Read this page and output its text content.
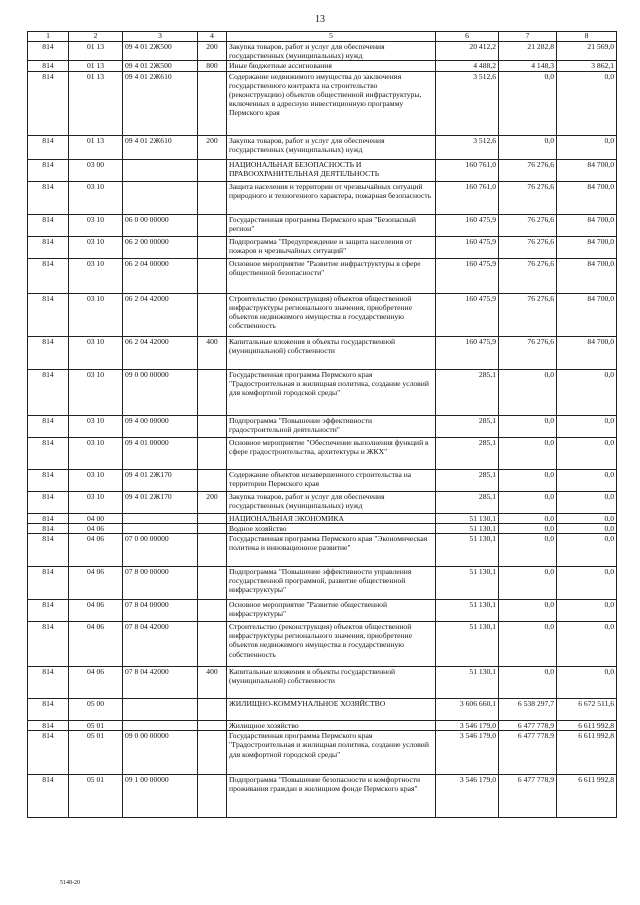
13
1	2	3	4	5	6	7	8
814	01 13	09 4 01 2Ж500	200	Закупка товаров, работ и услуг для обеспечения государственных (муниципальных) нужд	20 412,2	21 282,8	21 569,0
814	01 13	09 4 01 2Ж500	800	Иные бюджетные ассигнования	4 488,2	4 148,3	3 862,1
814	01 13	09 4 01 2Ж610		Содержание недвижимого имущества до заключения государственного контракта на строительство (реконструкцию) объектов общественной инфраструктуры, включенных в адресную инвестиционную программу Пермского края	3 512,6	0,0	0,0
814	01 13	09 4 01 2Ж610	200	Закупка товаров, работ и услуг для обеспечения государственных (муниципальных) нужд	3 512,6	0,0	0,0
814	03 00			НАЦИОНАЛЬНАЯ БЕЗОПАСНОСТЬ И ПРАВООХРАНИТЕЛЬНАЯ ДЕЯТЕЛЬНОСТЬ	160 761,0	76 276,6	84 700,0
814	03 10			Защита населения и территории от чрезвычайных ситуаций природного и техногенного характера, пожарная безопасность	160 761,0	76 276,6	84 700,0
814	03 10	06 0 00 00000		Государственная программа Пермского края "Безопасный регион"	160 475,9	76 276,6	84 700,0
814	03 10	06 2 00 00000		Подпрограмма "Предупреждение и защита населения от пожаров и чрезвычайных ситуаций"	160 475,9	76 276,6	84 700,0
814	03 10	06 2 04 00000		Основное мероприятие "Развитие инфраструктуры в сфере общественной безопасности"	160 475,9	76 276,6	84 700,0
814	03 10	06 2 04 42000		Строительство (реконструкция) объектов общественной инфраструктуры регионального значения, приобретение объектов недвижимого имущества в государственную собственность	160 475,9	76 276,6	84 700,0
814	03 10	06 2 04 42000	400	Капитальные вложения в объекты государственной (муниципальной) собственности	160 475,9	76 276,6	84 700,0
814	03 10	09 0 00 00000		Государственная программа Пермского края "Градостроительная и жилищная политика, создание условий для комфортной городской среды"	285,1	0,0	0,0
814	03 10	09 4 00 00000		Подпрограмма "Повышение эффективности градостроительной деятельности"	285,1	0,0	0,0
814	03 10	09 4 01 00000		Основное мероприятие "Обеспечение выполнения функций в сфере градостроительства, архитектуры и ЖКХ"	285,1	0,0	0,0
814	03 10	09 4 01 2Ж170		Содержание объектов незавершенного строительства на территории Пермского края	285,1	0,0	0,0
814	03 10	09 4 01 2Ж170	200	Закупка товаров, работ и услуг для обеспечения государственных (муниципальных) нужд	285,1	0,0	0,0
814	04 00			НАЦИОНАЛЬНАЯ ЭКОНОМИКА	51 130,1	0,0	0,0
814	04 06			Водное хозяйство	51 130,1	0,0	0,0
814	04 06	07 0 00 00000		Государственная программа Пермского края "Экономическая политика и инновационное развитие"	51 130,1	0,0	0,0
814	04 06	07 8 00 00000		Подпрограмма "Повышение эффективности управления государственной программой, развитие общественной инфраструктуры"	51 130,1	0,0	0,0
814	04 06	07 8 04 00000		Основное мероприятие "Развитие общественной инфраструктуры"	51 130,1	0,0	0,0
814	04 06	07 8 04 42000		Строительство (реконструкция) объектов общественной инфраструктуры регионального значения, приобретение объектов недвижимого имущества в государственную собственность	51 130,1	0,0	0,0
814	04 06	07 8 04 42000	400	Капитальные вложения в объекты государственной (муниципальной) собственности	51 130,1	0,0	0,0
814	05 00			ЖИЛИЩНО-КОММУНАЛЬНОЕ ХОЗЯЙСТВО	3 606 660,1	6 538 297,7	6 672 511,6
814	05 01			Жилищное хозяйство	3 546 179,0	6 477 778,9	6 611 992,8
814	05 01	09 0 00 00000		Государственная программа Пермского края "Градостроительная и жилищная политика, создание условий для комфортной городской среды"	3 546 179,0	6 477 778,9	6 611 992,8
814	05 01	09 1 00 00000		Подпрограмма "Повышение безопасности и комфортности проживания граждан в жилищном фонде Пермского края"	3 546 179,0	6 477 778,9	6 611 992,8
5148-20
